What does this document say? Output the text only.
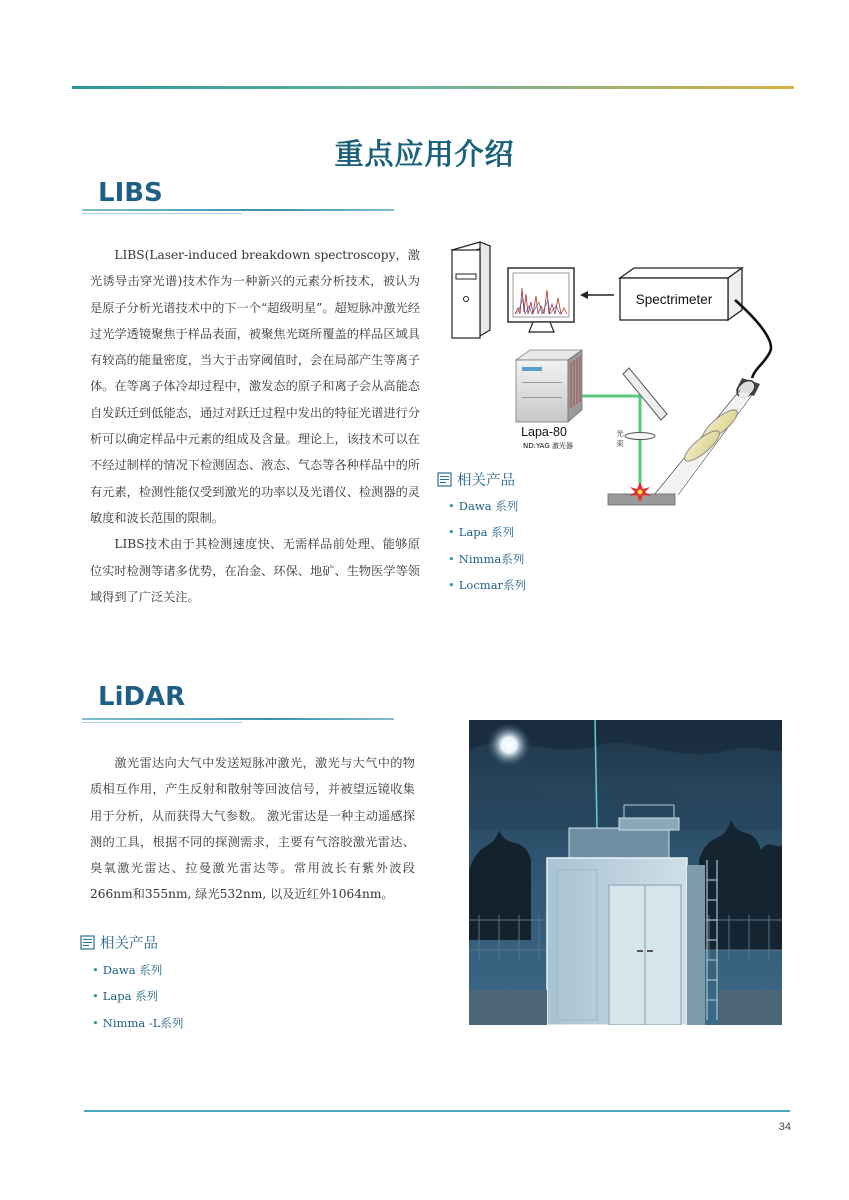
重点应用介绍
LIBS

LIBS(Laser-induced breakdown spectroscopy，激光诱导击穿光谱)技术作为一种新兴的元素分析技术，被认为是原子分析光谱技术中的下一个“超级明星”。超短脉冲激光经过光学透镜聚焦于样品表面，被聚焦光斑所覆盖的样品区域具有较高的能量密度，当大于击穿阈值时，会在局部产生等离子体。在等离子体冷却过程中，激发态的原子和离子会从高能态自发跃迁到低能态，通过对跃迁过程中发出的特征光谱进行分析可以确定样品中元素的组成及含量。理论上，该技术可以在不经过制样的情况下检测固态、液态、气态等各种样品中的所有元素，检测性能仅受到激光的功率以及光谱仪、检测器的灵敏度和波长范围的限制。

LIBS技术由于其检测速度快、无需样品前处理、能够原位实时检测等诸多优势，在冶金、环保、地矿、生物医学等领域得到了广泛关注。

Spectrimeter
Lapa-80
ND:YAG 激光器
光
束
相关产品
• Dawa 系列
• Lapa 系列
• Nimma系列
• Locmar系列
LiDAR

激光雷达向大气中发送短脉冲激光，激光与大气中的物质相互作用，产生反射和散射等回波信号，并被望远镜收集用于分析，从而获得大气参数。 激光雷达是一种主动遥感探测的工具，根据不同的探测需求，主要有气溶胶激光雷达、臭氧激光雷达、拉曼激光雷达等。常用波长有紫外波段 266nm和355nm, 绿光532nm, 以及近红外1064nm。

相关产品
• Dawa 系列
• Lapa 系列
• Nimma -L系列
34
